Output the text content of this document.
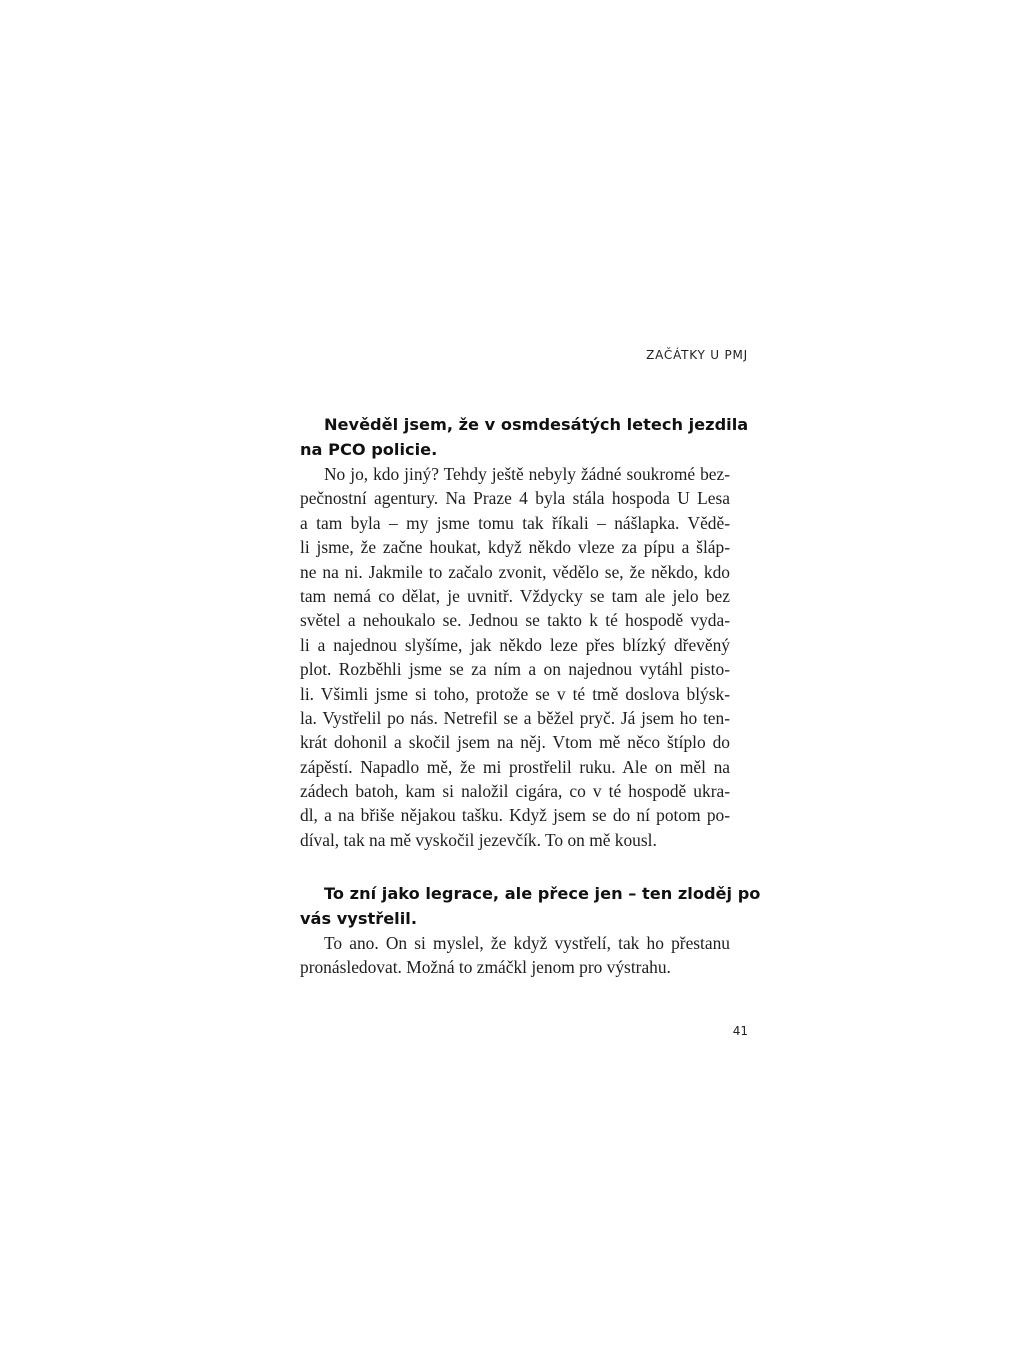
ZAČÁTKY U PMJ
Nevěděl jsem, že v osmdesátých letech jezdila
na PCO policie.
No jo, kdo jiný? Tehdy ještě nebyly žádné soukromé bez-
pečnostní agentury. Na Praze 4 byla stála hospoda U Lesa
a tam byla – my jsme tomu tak říkali – nášlapka. Vědě-
li jsme, že začne houkat, když někdo vleze za pípu a šláp-
ne na ni. Jakmile to začalo zvonit, vědělo se, že někdo, kdo
tam nemá co dělat, je uvnitř. Vždycky se tam ale jelo bez
světel a nehoukalo se. Jednou se takto k té hospodě vyda-
li a najednou slyšíme, jak někdo leze přes blízký dřevěný
plot. Rozběhli jsme se za ním a on najednou vytáhl pisto-
li. Všimli jsme si toho, protože se v té tmě doslova blýsk-
la. Vystřelil po nás. Netrefil se a běžel pryč. Já jsem ho ten-
krát dohonil a skočil jsem na něj. Vtom mě něco štíplo do
zápěstí. Napadlo mě, že mi prostřelil ruku. Ale on měl na
zádech batoh, kam si naložil cigára, co v té hospodě ukra-
dl, a na břiše nějakou tašku. Když jsem se do ní potom po-
díval, tak na mě vyskočil jezevčík. To on mě kousl.
To zní jako legrace, ale přece jen – ten zloděj po
vás vystřelil.
To ano. On si myslel, že když vystřelí, tak ho přestanu
pronásledovat. Možná to zmáčkl jenom pro výstrahu.
41
